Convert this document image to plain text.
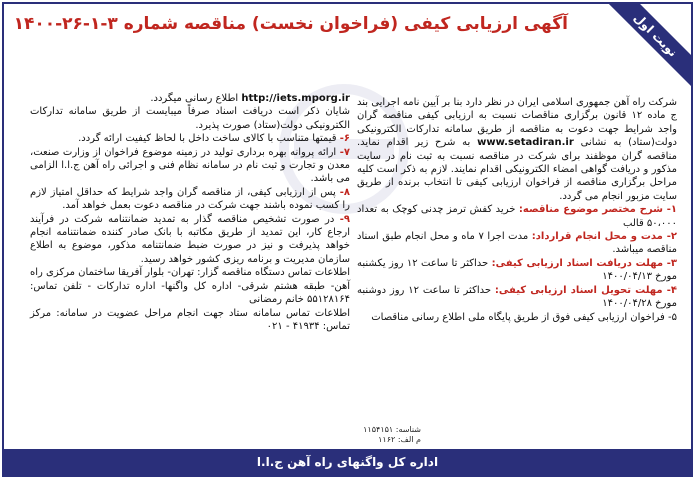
آگهی ارزیابی کیفی (فراخوان نخست) مناقصه شماره ۳-۱-۲۶-۱۴۰۰	نوبت اول

شرکت راه آهن جمهوری اسلامی ایران در نظر دارد بنا بر آیین نامه اجرایی بند ج ماده ۱۲ قانون برگزاری مناقصات نسبت به ارزیابی کیفی مناقصه گران واجد شرایط جهت دعوت به مناقصه از طریق سامانه تدارکات الکترونیکی دولت(ستاد) به نشانی www.setadiran.ir به شرح زیر اقدام نماید. مناقصه گران موظفند برای شرکت در مناقصه نسبت به ثبت نام در سایت مذکور و دریافت گواهی امضاء الکترونیکی اقدام نمایند. لازم به ذکر است کلیه مراحل برگزاری مناقصه از فراخوان ارزیابی کیفی تا انتخاب برنده از طریق سایت مزبور انجام می گردد.

۱- شرح مختصر موضوع مناقصه: خرید کفش ترمز چدنی کوچک به تعداد ۵۰،۰۰۰ قالب

۲- مدت و محل انجام قرارداد: مدت اجرا ۷ ماه و محل انجام طبق اسناد مناقصه میباشد.

۳- مهلت دریافت اسناد ارزیابی کیفی: حداکثر تا ساعت ۱۲ روز یکشنبه مورخ ۱۴۰۰/۰۴/۱۳

۴- مهلت تحویل اسناد ارزیابی کیفی: حداکثر تا ساعت ۱۲ روز دوشنبه مورخ ۱۴۰۰/۰۴/۲۸

۵- فراخوان ارزیابی کیفی فوق از طریق پایگاه ملی اطلاع رسانی مناقصات

http://iets.mporg.ir اطلاع رسانی میگردد.

شایان ذکر است دریافت اسناد صرفاً میبایست از طریق سامانه تدارکات الکترونیکی دولت(ستاد) صورت پذیرد.

۶- قیمتها متناسب با کالای ساخت داخل با لحاظ کیفیت ارائه گردد.

۷- ارائه پروانه بهره برداری تولید در زمینه موضوع فراخوان از وزارت صنعت، معدن و تجارت و ثبت نام در سامانه نظام فنی و اجرائی راه آهن ج.ا.ا الزامی می باشد.

۸- پس از ارزیابی کیفی، از مناقصه گران واجد شرایط که حداقل امتیاز لازم را کسب نموده باشند جهت شرکت در مناقصه دعوت بعمل خواهد آمد.

۹- در صورت تشخیص مناقصه گذار به تمدید ضمانتنامه شرکت در فرآیند ارجاع کار، این تمدید از طریق مکاتبه با بانک صادر کننده ضمانتنامه انجام خواهد پذیرفت و نیز در صورت ضبط ضمانتنامه مذکور، موضوع به اطلاع سازمان مدیریت و برنامه ریزی کشور خواهد رسید.

اطلاعات تماس دستگاه مناقصه گزار: تهران- بلوار آفریقا ساختمان مرکزی راه آهن- طبقه هشتم شرقی- اداره کل واگنها- اداره تدارکات - تلفن تماس: ۵۵۱۲۸۱۶۴ خانم رمضانی

اطلاعات تماس سامانه ستاد جهت انجام مراحل عضویت در سامانه: مرکز تماس: ۴۱۹۳۴ - ۰۲۱

شناسه: ۱۱۵۴۱۵۱
م الف: ۱۱۶۲
اداره کل واگنهای راه آهن ج.ا.ا
